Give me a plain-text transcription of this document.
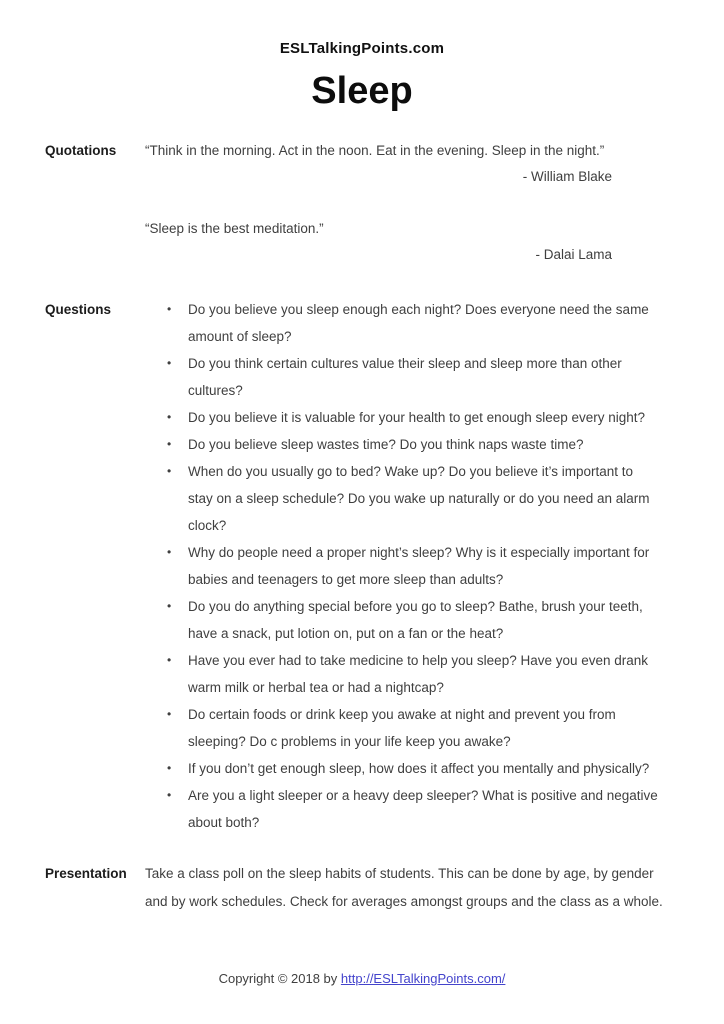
ESLTalkingPoints.com
Sleep
Quotations	“Think in the morning. Act in the noon. Eat in the evening. Sleep in the night.”
- William Blake
“Sleep is the best meditation.”
- Dalai Lama
Questions	• Do you believe you sleep enough each night? Does everyone need the same amount of sleep?
• Do you think certain cultures value their sleep and sleep more than other cultures?
• Do you believe it is valuable for your health to get enough sleep every night?
• Do you believe sleep wastes time? Do you think naps waste time?
• When do you usually go to bed? Wake up? Do you believe it’s important to stay on a sleep schedule? Do you wake up naturally or do you need an alarm clock?
• Why do people need a proper night’s sleep? Why is it especially important for babies and teenagers to get more sleep than adults?
• Do you do anything special before you go to sleep? Bathe, brush your teeth, have a snack, put lotion on, put on a fan or the heat?
• Have you ever had to take medicine to help you sleep? Have you even drank warm milk or herbal tea or had a nightcap?
• Do certain foods or drink keep you awake at night and prevent you from sleeping? Do c problems in your life keep you awake?
• If you don’t get enough sleep, how does it affect you mentally and physically?
• Are you a light sleeper or a heavy deep sleeper? What is positive and negative about both?
Presentation	Take a class poll on the sleep habits of students. This can be done by age, by gender and by work schedules. Check for averages amongst groups and the class as a whole.
Copyright © 2018 by http://ESLTalkingPoints.com/
